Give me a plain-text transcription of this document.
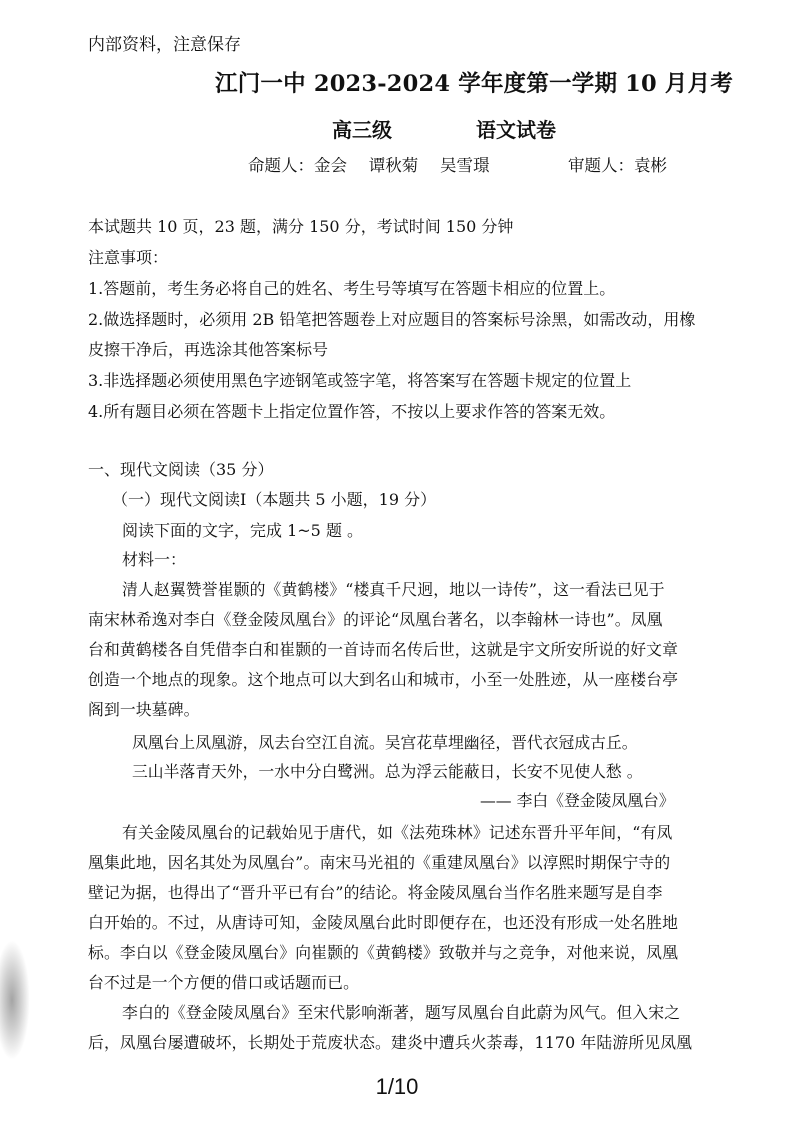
内部资料，注意保存
江门一中 2023-2024 学年度第一学期 10 月月考
高三级	语文试卷
命题人：金会　 谭秋菊　 吴雪璟	审题人：袁彬
本试题共 10 页，23 题，满分 150 分，考试时间 150 分钟
注意事项：
1.答题前，考生务必将自己的姓名、考生号等填写在答题卡相应的位置上。
2.做选择题时，必须用 2B 铅笔把答题卷上对应题目的答案标号涂黑，如需改动，用橡
皮擦干净后，再选涂其他答案标号
3.非选择题必须使用黑色字迹钢笔或签字笔，将答案写在答题卡规定的位置上
4.所有题目必须在答题卡上指定位置作答，不按以上要求作答的答案无效。
一、现代文阅读（35 分）
（一）现代文阅读Ⅰ（本题共 5 小题，19 分）
阅读下面的文字，完成 1~5 题 。
材料一：
清人赵翼赞誉崔颢的《黄鹤楼》“楼真千尺迥，地以一诗传”，这一看法已见于
南宋林希逸对李白《登金陵凤凰台》的评论“凤凰台著名，以李翰林一诗也”。凤凰
台和黄鹤楼各自凭借李白和崔颢的一首诗而名传后世，这就是宇文所安所说的好文章
创造一个地点的现象。这个地点可以大到名山和城市，小至一处胜迹，从一座楼台亭
阁到一块墓碑。
凤凰台上凤凰游，凤去台空江自流。吴宫花草埋幽径，晋代衣冠成古丘。
三山半落青天外，一水中分白鹭洲。总为浮云能蔽日，长安不见使人愁 。
—— 李白《登金陵凤凰台》
有关金陵凤凰台的记载始见于唐代，如《法苑珠林》记述东晋升平年间，“有凤
凰集此地，因名其处为凤凰台”。南宋马光祖的《重建凤凰台》以淳熙时期保宁寺的
壁记为据，也得出了“晋升平已有台”的结论。将金陵凤凰台当作名胜来题写是自李
白开始的。不过，从唐诗可知，金陵凤凰台此时即便存在，也还没有形成一处名胜地
标。李白以《登金陵凤凰台》向崔颢的《黄鹤楼》致敬并与之竞争，对他来说，凤凰
台不过是一个方便的借口或话题而已。
李白的《登金陵凤凰台》至宋代影响渐著，题写凤凰台自此蔚为风气。但入宋之
后，凤凰台屡遭破坏，长期处于荒废状态。建炎中遭兵火荼毒，1170 年陆游所见凤凰
1/10
